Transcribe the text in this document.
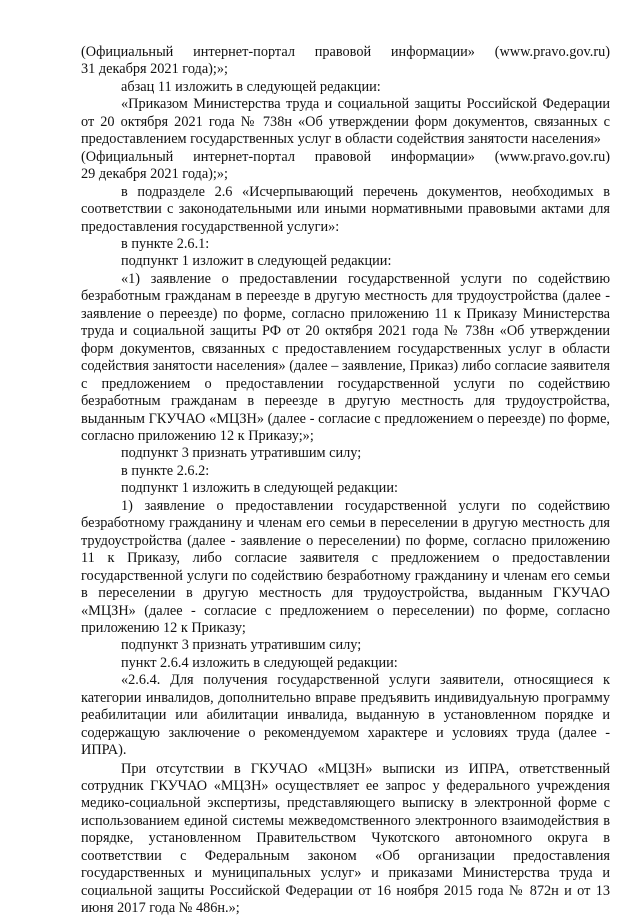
(Официальный интернет-портал правовой информации» (www.pravo.gov.ru)
31 декабря 2021 года);»;

абзац 11 изложить в следующей редакции:

«Приказом Министерства труда и социальной защиты Российской Федерации от 20 октября 2021 года № 738н «Об утверждении форм документов, связанных с предоставлением государственных услуг в области содействия занятости населения»

(Официальный интернет-портал правовой информации» (www.pravo.gov.ru)
29 декабря 2021 года);»;

в подразделе 2.6 «Исчерпывающий перечень документов, необходимых в соответствии с законодательными или иными нормативными правовыми актами для предоставления государственной услуги»:

в пункте 2.6.1:

подпункт 1 изложит в следующей редакции:

«1) заявление о предоставлении государственной услуги по содействию безработным гражданам в переезде в другую местность для трудоустройства (далее - заявление о переезде) по форме, согласно приложению 11 к Приказу Министерства труда и социальной защиты РФ от 20 октября 2021 года № 738н «Об утверждении форм документов, связанных с предоставлением государственных услуг в области содействия занятости населения» (далее – заявление, Приказ) либо согласие заявителя с предложением о предоставлении государственной услуги по содействию безработным гражданам в переезде в другую местность для трудоустройства, выданным ГКУЧАО «МЦЗН» (далее - согласие с предложением о переезде) по форме, согласно приложению 12 к Приказу;»;

подпункт 3 признать утратившим силу;

в пункте 2.6.2:

подпункт 1 изложить в следующей редакции:

1) заявление о предоставлении государственной услуги по содействию безработному гражданину и членам его семьи в переселении в другую местность для трудоустройства (далее - заявление о переселении) по форме, согласно приложению 11 к Приказу, либо согласие заявителя с предложением о предоставлении государственной услуги по содействию безработному гражданину и членам его семьи в переселении в другую местность для трудоустройства, выданным ГКУЧАО «МЦЗН» (далее - согласие с предложением о переселении) по форме, согласно приложению 12 к Приказу;

подпункт 3 признать утратившим силу;

пункт 2.6.4 изложить в следующей редакции:

«2.6.4. Для получения государственной услуги заявители, относящиеся к категории инвалидов, дополнительно вправе предъявить индивидуальную программу реабилитации или абилитации инвалида, выданную в установленном порядке и содержащую заключение о рекомендуемом характере и условиях труда (далее - ИПРА).

При отсутствии в ГКУЧАО «МЦЗН» выписки из ИПРА, ответственный сотрудник ГКУЧАО «МЦЗН» осуществляет ее запрос у федерального учреждения медико-социальной экспертизы, представляющего выписку в электронной форме с использованием единой системы межведомственного электронного взаимодействия в порядке, установленном Правительством Чукотского автономного округа в соответствии с Федеральным законом «Об организации предоставления государственных и муниципальных услуг» и приказами Министерства труда и социальной защиты Российской Федерации от 16 ноября 2015 года № 872н и от 13 июня 2017 года № 486н.»;
